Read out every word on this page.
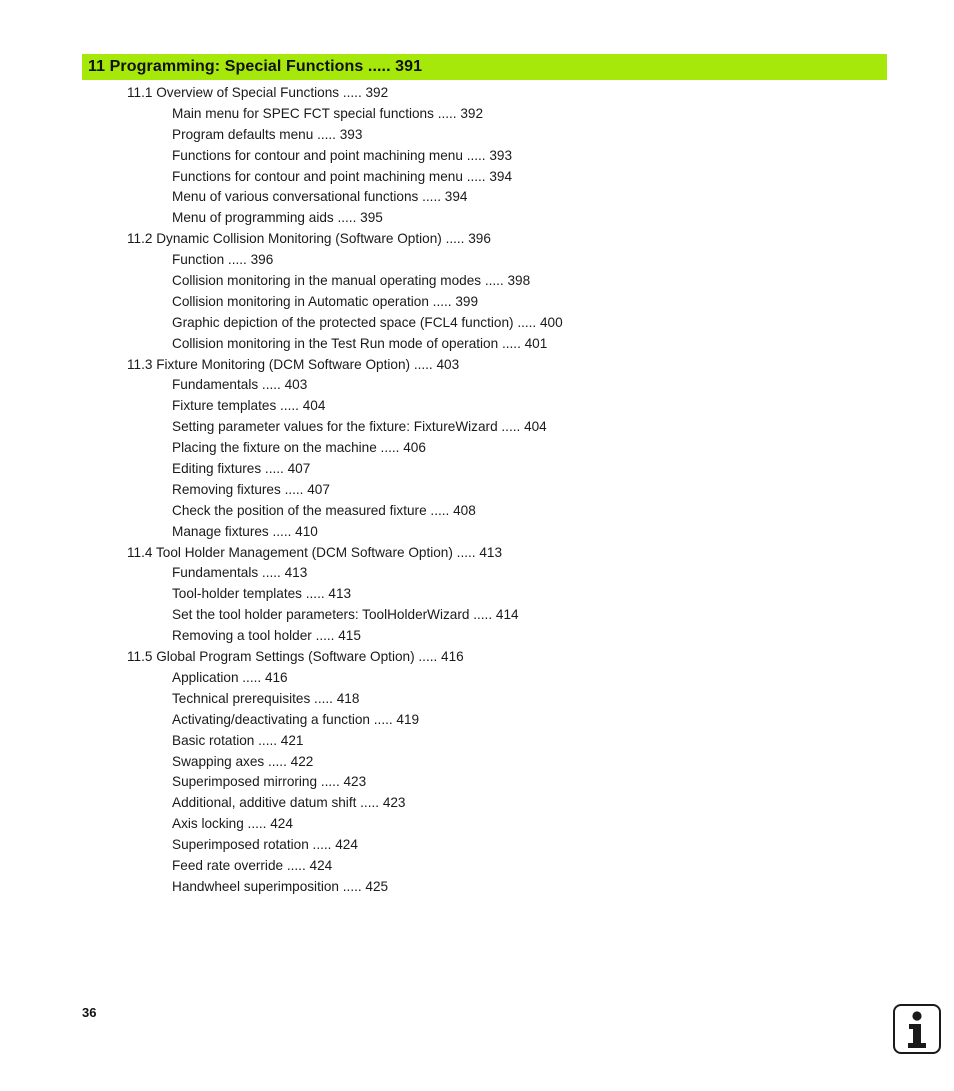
11 Programming: Special Functions ..... 391
11.1 Overview of Special Functions ..... 392
Main menu for SPEC FCT special functions ..... 392
Program defaults menu ..... 393
Functions for contour and point machining menu ..... 393
Functions for contour and point machining menu ..... 394
Menu of various conversational functions ..... 394
Menu of programming aids ..... 395
11.2 Dynamic Collision Monitoring (Software Option) ..... 396
Function ..... 396
Collision monitoring in the manual operating modes ..... 398
Collision monitoring in Automatic operation ..... 399
Graphic depiction of the protected space (FCL4 function) ..... 400
Collision monitoring in the Test Run mode of operation ..... 401
11.3 Fixture Monitoring (DCM Software Option) ..... 403
Fundamentals ..... 403
Fixture templates ..... 404
Setting parameter values for the fixture: FixtureWizard ..... 404
Placing the fixture on the machine ..... 406
Editing fixtures ..... 407
Removing fixtures ..... 407
Check the position of the measured fixture ..... 408
Manage fixtures ..... 410
11.4 Tool Holder Management (DCM Software Option) ..... 413
Fundamentals ..... 413
Tool-holder templates ..... 413
Set the tool holder parameters: ToolHolderWizard ..... 414
Removing a tool holder ..... 415
11.5 Global Program Settings (Software Option) ..... 416
Application ..... 416
Technical prerequisites ..... 418
Activating/deactivating a function ..... 419
Basic rotation ..... 421
Swapping axes ..... 422
Superimposed mirroring ..... 423
Additional, additive datum shift ..... 423
Axis locking ..... 424
Superimposed rotation ..... 424
Feed rate override ..... 424
Handwheel superimposition ..... 425
36
